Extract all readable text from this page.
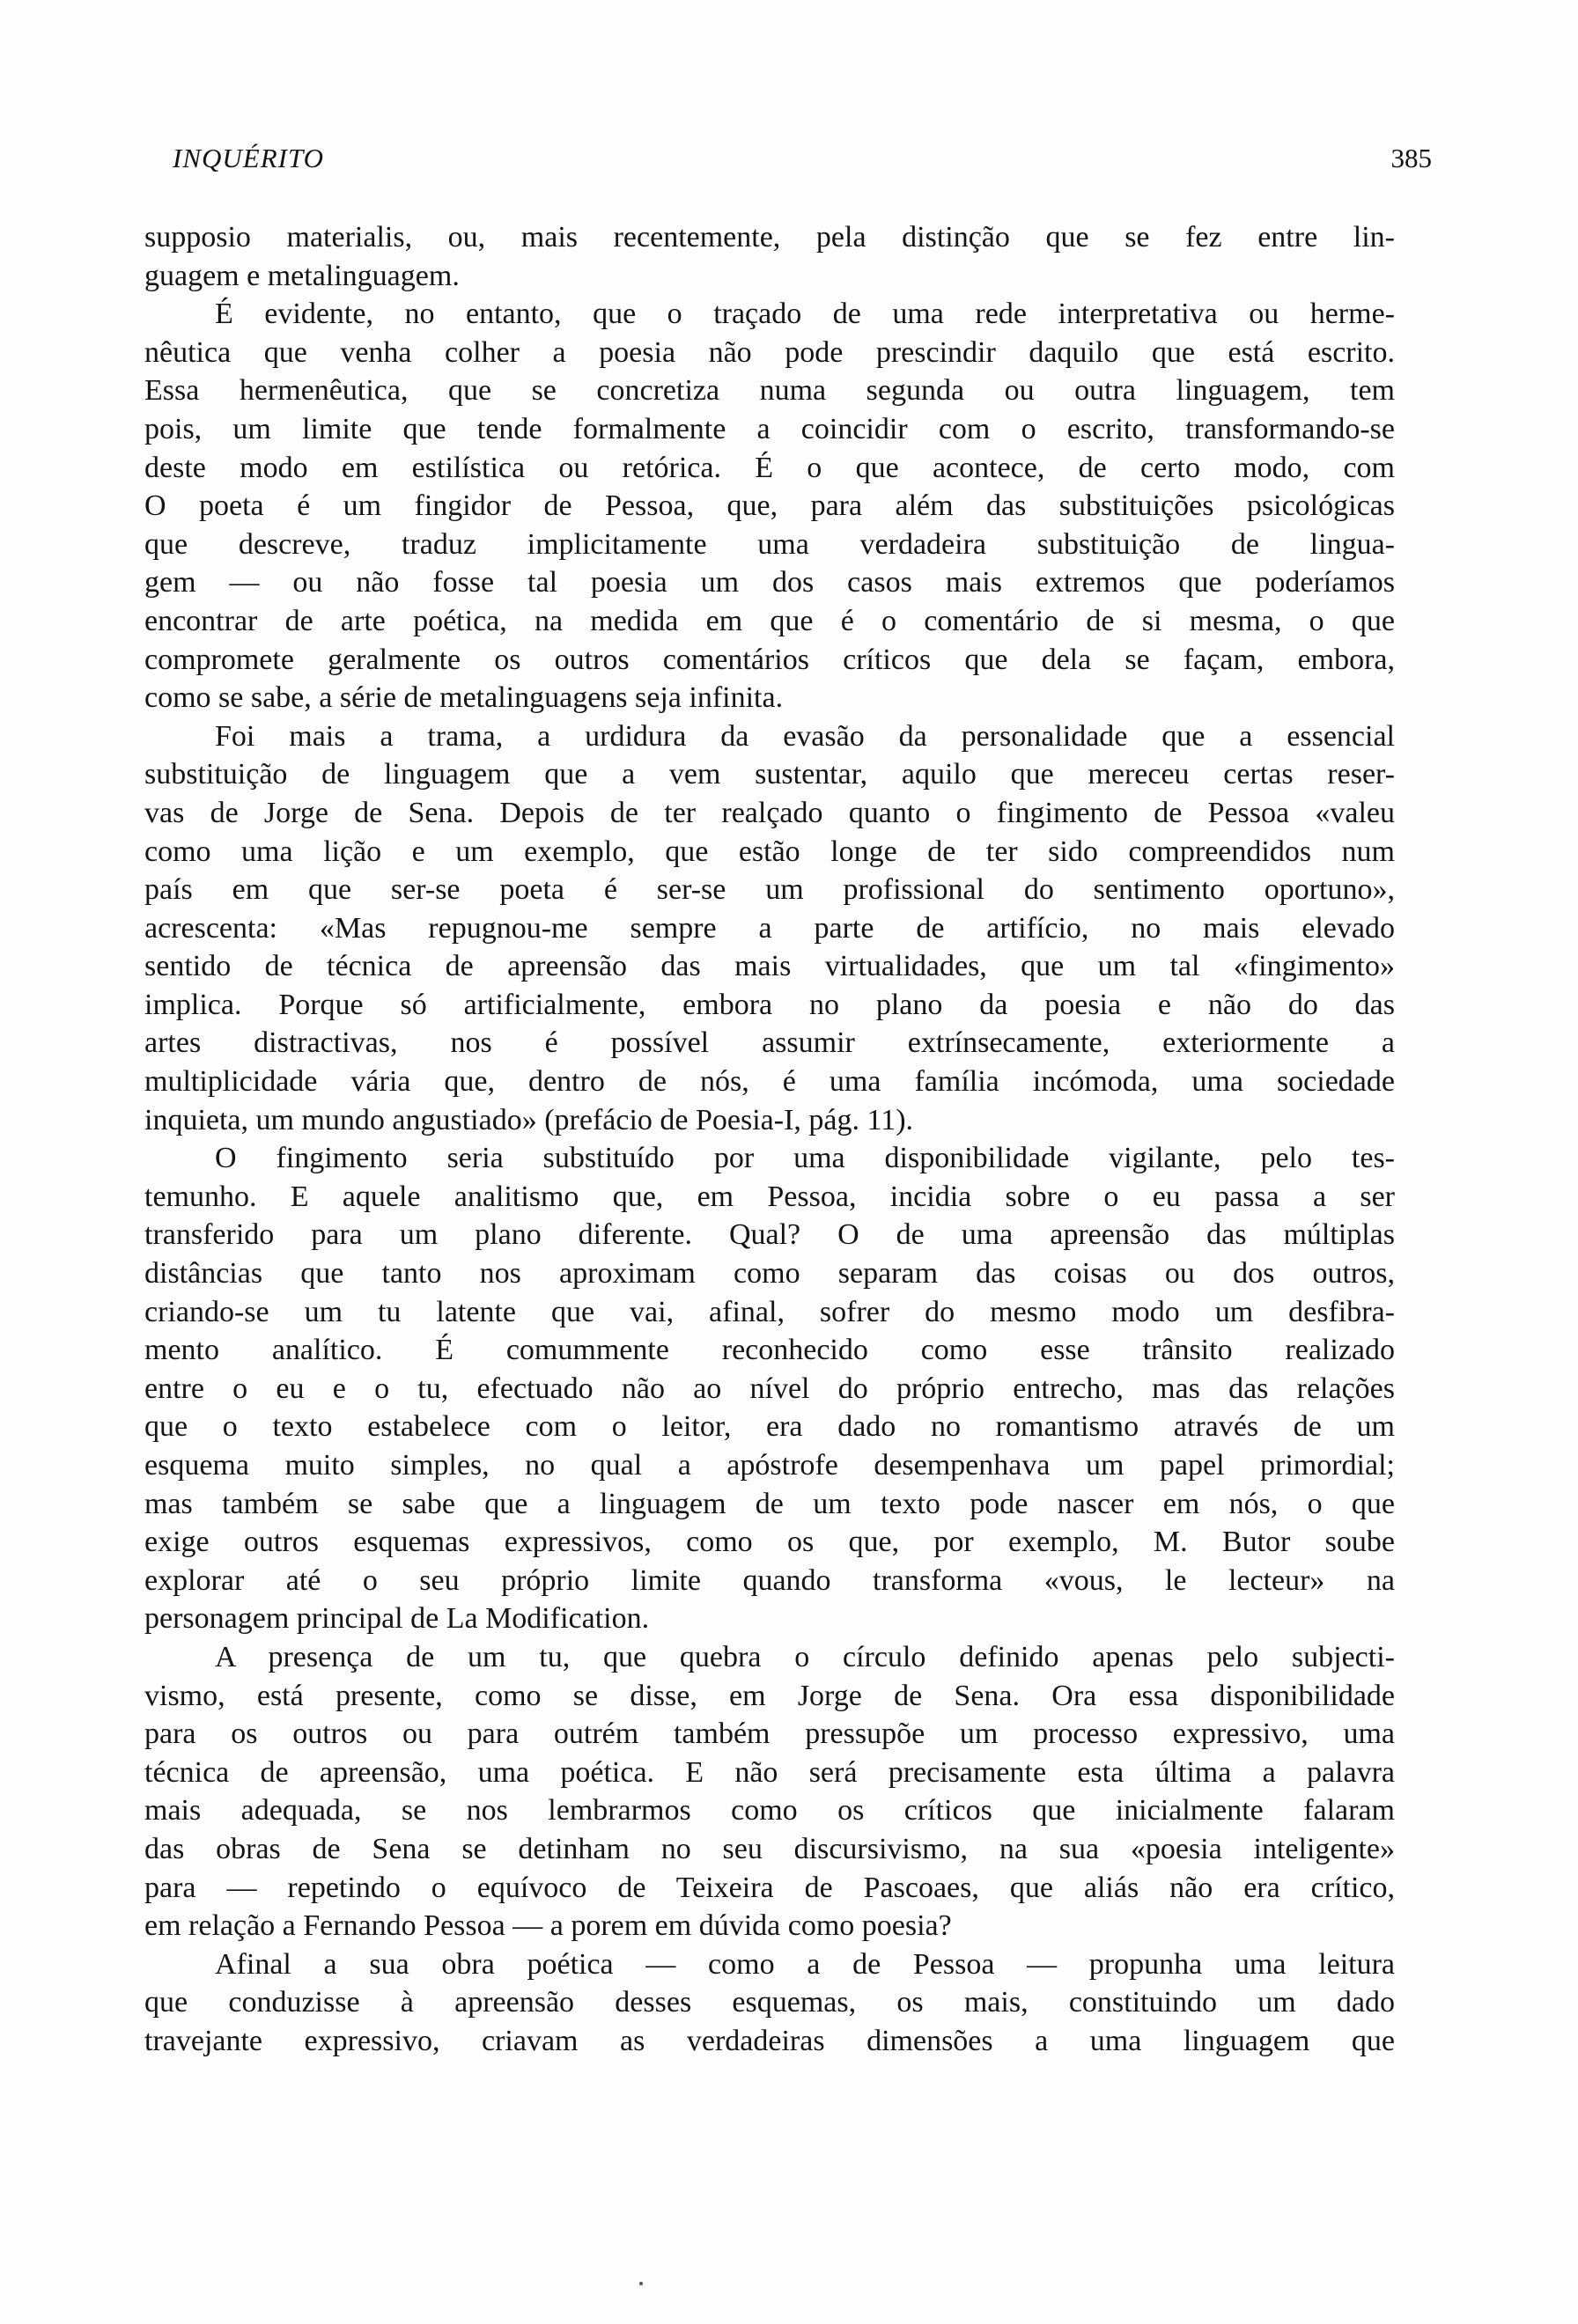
INQUÉRITO	385
supposio materialis, ou, mais recentemente, pela distinção que se fez entre lin-
guagem e metalinguagem.
É evidente, no entanto, que o traçado de uma rede interpretativa ou herme-
nêutica que venha colher a poesia não pode prescindir daquilo que está escrito.
Essa hermenêutica, que se concretiza numa segunda ou outra linguagem, tem
pois, um limite que tende formalmente a coincidir com o escrito, transformando-se
deste modo em estilística ou retórica. É o que acontece, de certo modo, com
O poeta é um fingidor de Pessoa, que, para além das substituições psicológicas
que descreve, traduz implicitamente uma verdadeira substituição de lingua-
gem — ou não fosse tal poesia um dos casos mais extremos que poderíamos
encontrar de arte poética, na medida em que é o comentário de si mesma, o que
compromete geralmente os outros comentários críticos que dela se façam, embora,
como se sabe, a série de metalinguagens seja infinita.
Foi mais a trama, a urdidura da evasão da personalidade que a essencial
substituição de linguagem que a vem sustentar, aquilo que mereceu certas reser-
vas de Jorge de Sena. Depois de ter realçado quanto o fingimento de Pessoa «valeu
como uma lição e um exemplo, que estão longe de ter sido compreendidos num
país em que ser-se poeta é ser-se um profissional do sentimento oportuno»,
acrescenta: «Mas repugnou-me sempre a parte de artifício, no mais elevado
sentido de técnica de apreensão das mais virtualidades, que um tal «fingimento»
implica. Porque só artificialmente, embora no plano da poesia e não do das
artes distractivas, nos é possível assumir extrínsecamente, exteriormente a
multiplicidade vária que, dentro de nós, é uma família incómoda, uma sociedade
inquieta, um mundo angustiado» (prefácio de Poesia-I, pág. 11).
O fingimento seria substituído por uma disponibilidade vigilante, pelo tes-
temunho. E aquele analitismo que, em Pessoa, incidia sobre o eu passa a ser
transferido para um plano diferente. Qual? O de uma apreensão das múltiplas
distâncias que tanto nos aproximam como separam das coisas ou dos outros,
criando-se um tu latente que vai, afinal, sofrer do mesmo modo um desfibra-
mento analítico. É comummente reconhecido como esse trânsito realizado
entre o eu e o tu, efectuado não ao nível do próprio entrecho, mas das relações
que o texto estabelece com o leitor, era dado no romantismo através de um
esquema muito simples, no qual a apóstrofe desempenhava um papel primordial;
mas também se sabe que a linguagem de um texto pode nascer em nós, o que
exige outros esquemas expressivos, como os que, por exemplo, M. Butor soube
explorar até o seu próprio limite quando transforma «vous, le lecteur» na
personagem principal de La Modification.
A presença de um tu, que quebra o círculo definido apenas pelo subjecti-
vismo, está presente, como se disse, em Jorge de Sena. Ora essa disponibilidade
para os outros ou para outrém também pressupõe um processo expressivo, uma
técnica de apreensão, uma poética. E não será precisamente esta última a palavra
mais adequada, se nos lembrarmos como os críticos que inicialmente falaram
das obras de Sena se detinham no seu discursivismo, na sua «poesia inteligente»
para — repetindo o equívoco de Teixeira de Pascoaes, que aliás não era crítico,
em relação a Fernando Pessoa — a porem em dúvida como poesia?
Afinal a sua obra poética — como a de Pessoa — propunha uma leitura
que conduzisse à apreensão desses esquemas, os mais, constituindo um dado
travejante expressivo, criavam as verdadeiras dimensões a uma linguagem que
